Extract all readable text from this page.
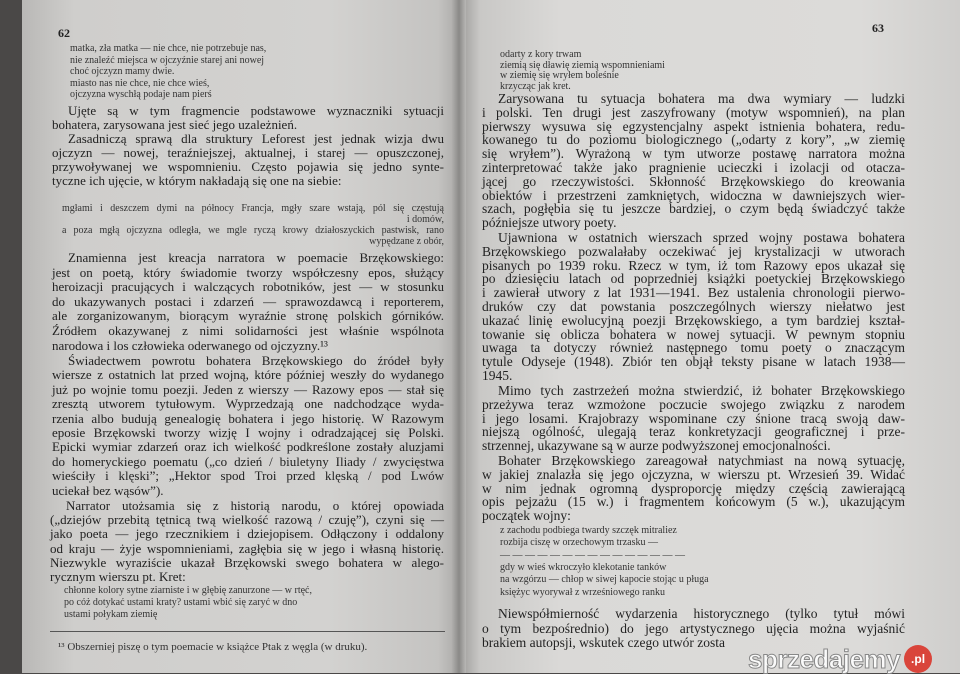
62	63
¹³ Obszerniej piszę o tym poemacie w książce Ptak z węgla (w druku).	sprzedajemy .pl
matka, zła matka — nie chce, nie potrzebuje nas,
nie znaleźć miejsca w ojczyźnie starej ani nowej
choć ojczyzn mamy dwie.
miasto nas nie chce, nie chce wieś,
ojczyzna wyschłą podaje nam pierś
Ujęte są w tym fragmencie podstawowe wyznaczniki sytuacji
bohatera, zarysowana jest sieć jego uzależnień.
Zasadniczą sprawą dla struktury Leforest jest jednak wizja dwu
ojczyzn — nowej, teraźniejszej, aktualnej, i starej — opuszczonej,
przywoływanej we wspomnieniu. Często pojawia się jedno synte-
tyczne ich ujęcie, w którym nakładają się one na siebie:
mgłami i deszczem dymi na północy Francja, mgły szare wstają, pól się częstują
i domów,
a poza mgłą ojczyzna odległa, we mgle ryczą krowy działoszyckich pastwisk, rano
wypędzane z obór,
Znamienna jest kreacja narratora w poemacie Brzękowskiego:
jest on poetą, który świadomie tworzy współczesny epos, służący
heroizacji pracujących i walczących robotników, jest — w stosunku
do ukazywanych postaci i zdarzeń — sprawozdawcą i reporterem,
ale zorganizowanym, biorącym wyraźnie stronę polskich górników.
Źródłem okazywanej z nimi solidarności jest właśnie wspólnota
narodowa i los człowieka oderwanego od ojczyzny.¹³
Świadectwem powrotu bohatera Brzękowskiego do źródeł były
wiersze z ostatnich lat przed wojną, które później weszły do wydanego
już po wojnie tomu poezji. Jeden z wierszy — Razowy epos — stał się
zresztą utworem tytułowym. Wyprzedzają one nadchodzące wyda-
rzenia albo budują genealogię bohatera i jego historię. W Razowym
eposie Brzękowski tworzy wizję I wojny i odradzającej się Polski.
Epicki wymiar zdarzeń oraz ich wielkość podkreślone zostały aluzjami
do homeryckiego poematu („co dzień / biuletyny Iliady / zwycięstwa
wieściły i klęski”; „Hektor spod Troi przed klęską / pod Lwów
uciekał bez wąsów”).
Narrator utożsamia się z historią narodu, o której opowiada
(„dziejów przebitą tętnicą twą wielkość razową / czuję”), czyni się —
jako poeta — jego rzecznikiem i dziejopisem. Odłączony i oddalony
od kraju — żyje wspomnieniami, zagłębia się w jego i własną historię.
Niezwykle wyraziście ukazał Brzękowski swego bohatera w alego-
rycznym wierszu pt. Kret:
chłonne kolory sytne ziarniste i w głębię zanurzone — w rtęć,
po cóż dotykać ustami kraty? ustami wbić się zaryć w dno
ustami połykam ziemię
odarty z kory trwam
ziemią się dławię ziemią wspomnieniami
w ziemię się wryłem boleśnie
krzycząc jak kret.
Zarysowana tu sytuacja bohatera ma dwa wymiary — ludzki
i polski. Ten drugi jest zaszyfrowany (motyw wspomnień), na plan
pierwszy wysuwa się egzystencjalny aspekt istnienia bohatera, redu-
kowanego tu do poziomu biologicznego („odarty z kory”, „w ziemię
się wryłem”). Wyrażoną w tym utworze postawę narratora można
zinterpretować także jako pragnienie ucieczki i izolacji od otacza-
jącej go rzeczywistości. Skłonność Brzękowskiego do kreowania
obiektów i przestrzeni zamkniętych, widoczna w dawniejszych wier-
szach, pogłębia się tu jeszcze bardziej, o czym będą świadczyć także
późniejsze utwory poety.
Ujawniona w ostatnich wierszach sprzed wojny postawa bohatera
Brzękowskiego pozwalałaby oczekiwać jej krystalizacji w utworach
pisanych po 1939 roku. Rzecz w tym, iż tom Razowy epos ukazał się
po dziesięciu latach od poprzedniej książki poetyckiej Brzękowskiego
i zawierał utwory z lat 1931—1941. Bez ustalenia chronologii pierwo-
druków czy dat powstania poszczególnych wierszy niełatwo jest
ukazać linię ewolucyjną poezji Brzękowskiego, a tym bardziej kształ-
towanie się oblicza bohatera w nowej sytuacji. W pewnym stopniu
uwaga ta dotyczy również następnego tomu poety o znaczącym
tytule Odyseje (1948). Zbiór ten objął teksty pisane w latach 1938—
1945.
Mimo tych zastrzeżeń można stwierdzić, iż bohater Brzękowskiego
przeżywa teraz wzmożone poczucie swojego związku z narodem
i jego losami. Krajobrazy wspominane czy śnione tracą swoją daw-
niejszą ogólność, ulegają teraz konkretyzacji geograficznej i prze-
strzennej, ukazywane są w aurze podwyższonej emocjonalności.
Bohater Brzękowskiego zareagował natychmiast na nową sytuację,
w jakiej znalazła się jego ojczyzna, w wierszu pt. Wrzesień 39. Widać
w nim jednak ogromną dysproporcję między częścią zawierającą
opis pejzażu (15 w.) i fragmentem końcowym (5 w.), ukazującym
początek wojny:
z zachodu podbiega twardy szczęk mitraliez
rozbija ciszę w orzechowym trzasku —
— — — — — — — — — — — — — — —
gdy w wieś wkroczyło klekotanie tanków
na wzgórzu — chłop w siwej kapocie stojąc u pługa
księżyc wyorywał z wrześniowego ranku
Niewspółmierność wydarzenia historycznego (tylko tytuł mówi
o tym bezpośrednio) do jego artystycznego ujęcia można wyjaśnić
brakiem autopsji, wskutek czego utwór zosta
